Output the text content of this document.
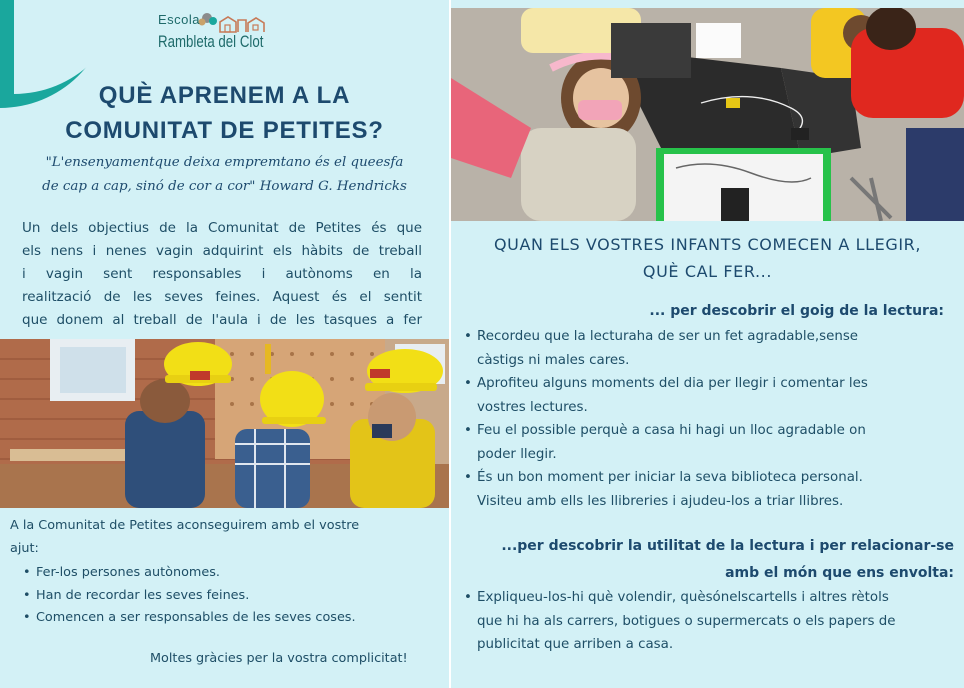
Escola
Rambleta del Clot
QUÈ APRENEM A LA
COMUNITAT DE PETITES?
"L'ensenyamentque deixa empremtano és el queesfa
de cap a cap, sinó de cor a cor" Howard G. Hendricks
Un dels objectius de la Comunitat de Petites és que
els nens i nenes vagin adquirint els hàbits de treball
i vagin sent responsables i autònoms en la
realització de les seves feines. Aquest és el sentit
que donem al treball de l'aula i de les tasques a fer
A la Comunitat de Petites aconseguirem amb el vostre
ajut:
• Fer-los persones autònomes.
• Han de recordar les seves feines.
• Comencen a ser responsables de les seves coses.
Moltes gràcies per la vostra complicitat!
QUAN ELS VOSTRES INFANTS COMECEN A LLEGIR,
QUÈ CAL FER...
... per descobrir el goig de la lectura:
• Recordeu que la lecturaha de ser un fet agradable,sense
càstigs ni males cares.
• Aprofiteu alguns moments del dia per llegir i comentar les
vostres lectures.
• Feu el possible perquè a casa hi hagi un lloc agradable on
poder llegir.
• És un bon moment per iniciar la seva biblioteca personal.
Visiteu amb ells les llibreries i ajudeu-los a triar llibres.
...per descobrir la utilitat de la lectura i per relacionar-se
amb el món que ens envolta:
• Expliqueu-los-hi què volendir, quèsónelscartells i altres rètols
que hi ha als carrers, botigues o supermercats o els papers de
publicitat que arriben a casa.
